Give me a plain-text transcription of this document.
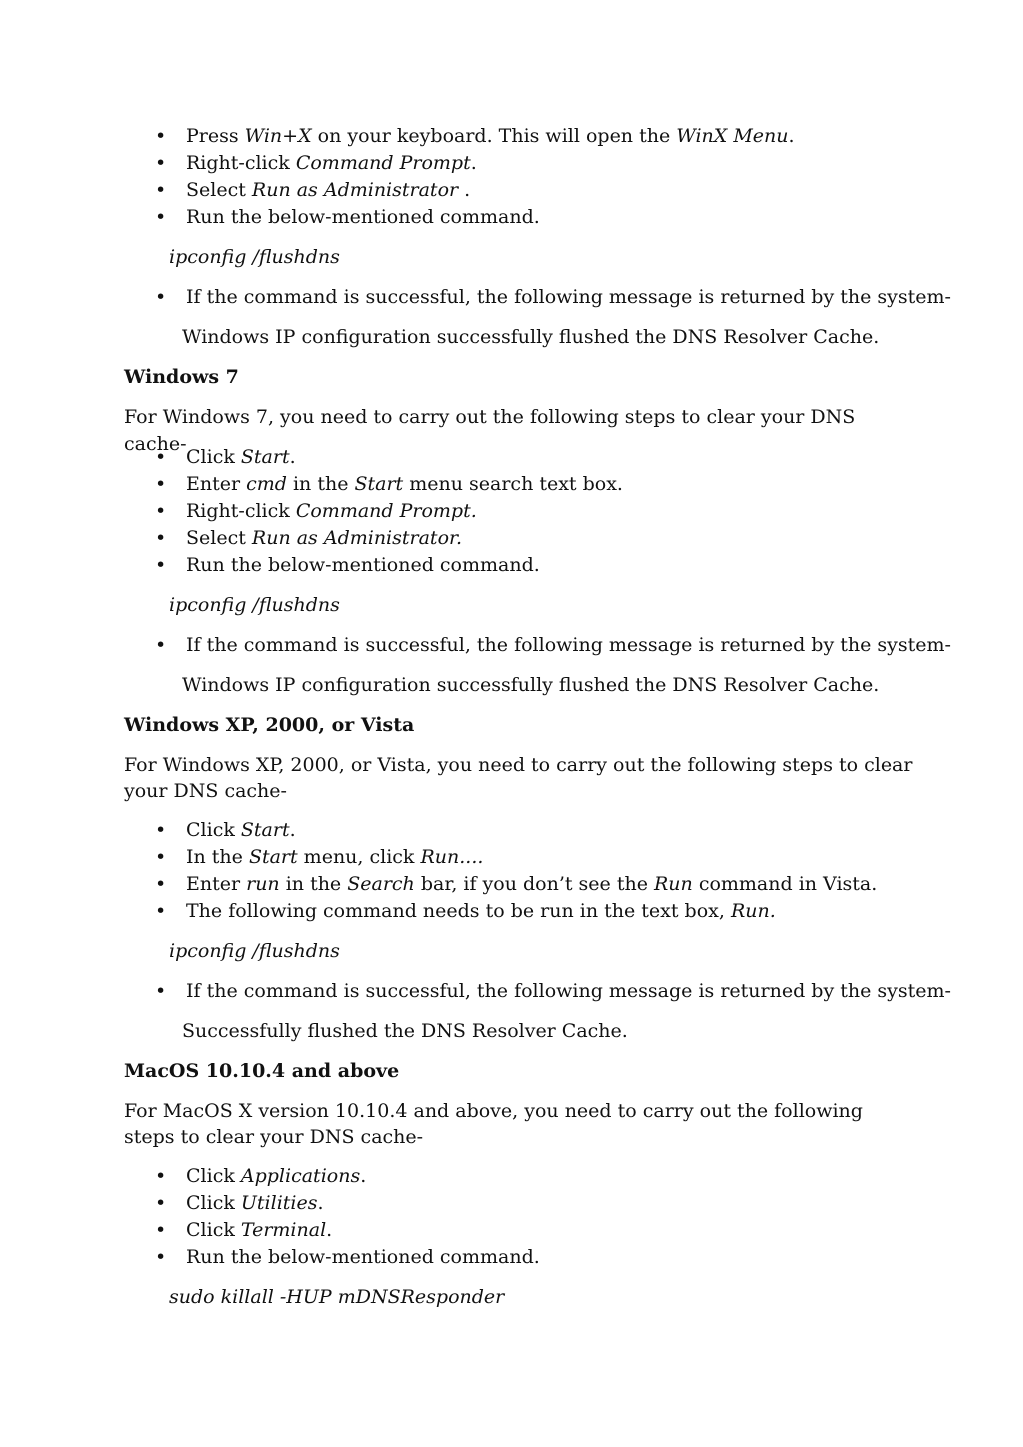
• Press Win+X on your keyboard. This will open the WinX Menu.
• Right-click Command Prompt.
• Select Run as Administrator .
• Run the below-mentioned command.
ipconfig /flushdns
• If the command is successful, the following message is returned by the system-
Windows IP configuration successfully flushed the DNS Resolver Cache.
Windows 7
For Windows 7, you need to carry out the following steps to clear your DNS cache-
• Click Start.
• Enter cmd in the Start menu search text box.
• Right-click Command Prompt.
• Select Run as Administrator.
• Run the below-mentioned command.
ipconfig /flushdns
• If the command is successful, the following message is returned by the system-
Windows IP configuration successfully flushed the DNS Resolver Cache.
Windows XP, 2000, or Vista
For Windows XP, 2000, or Vista, you need to carry out the following steps to clear your DNS cache-
• Click Start.
• In the Start menu, click Run....
• Enter run in the Search bar, if you don’t see the Run command in Vista.
• The following command needs to be run in the text box, Run.
ipconfig /flushdns
• If the command is successful, the following message is returned by the system-
Successfully flushed the DNS Resolver Cache.
MacOS 10.10.4 and above
For MacOS X version 10.10.4 and above, you need to carry out the following steps to clear your DNS cache-
• Click Applications.
• Click Utilities.
• Click Terminal.
• Run the below-mentioned command.
sudo killall -HUP mDNSResponder
